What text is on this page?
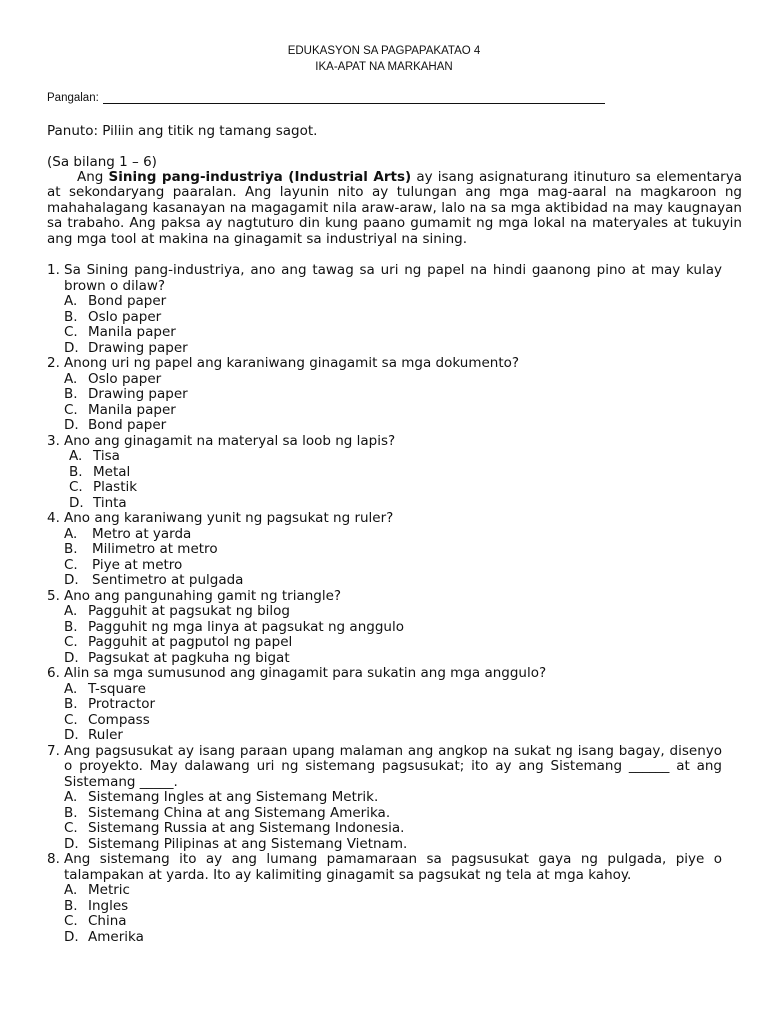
EDUKASYON SA PAGPAPAKATAO 4
IKA-APAT NA MARKAHAN
Pangalan:
Panuto: Piliin ang titik ng tamang sagot.
(Sa bilang 1 – 6)

Ang Sining pang-industriya (Industrial Arts) ay isang asignaturang itinuturo sa elementarya at sekondaryang paaralan. Ang layunin nito ay tulungan ang mga mag-aaral na magkaroon ng mahahalagang kasanayan na magagamit nila araw-araw, lalo na sa mga aktibidad na may kaugnayan sa trabaho. Ang paksa ay nagtuturo din kung paano gumamit ng mga lokal na materyales at tukuyin ang mga tool at makina na ginagamit sa industriyal na sining.

1. Sa Sining pang-industriya, ano ang tawag sa uri ng papel na hindi gaanong pino at may kulay brown o dilaw?
A. Bond paper
B. Oslo paper
C. Manila paper
D. Drawing paper
2. Anong uri ng papel ang karaniwang ginagamit sa mga dokumento?
A. Oslo paper
B. Drawing paper
C. Manila paper
D. Bond paper
3. Ano ang ginagamit na materyal sa loob ng lapis?
A. Tisa
B. Metal
C. Plastik
D. Tinta
4. Ano ang karaniwang yunit ng pagsukat ng ruler?
A. Metro at yarda
B. Milimetro at metro
C. Piye at metro
D. Sentimetro at pulgada
5. Ano ang pangunahing gamit ng triangle?
A. Pagguhit at pagsukat ng bilog
B. Pagguhit ng mga linya at pagsukat ng anggulo
C. Pagguhit at pagputol ng papel
D. Pagsukat at pagkuha ng bigat
6. Alin sa mga sumusunod ang ginagamit para sukatin ang mga anggulo?
A. T-square
B. Protractor
C. Compass
D. Ruler
7. Ang pagsusukat ay isang paraan upang malaman ang angkop na sukat ng isang bagay, disenyo o proyekto. May dalawang uri ng sistemang pagsusukat; ito ay ang Sistemang ______ at ang Sistemang _____.
A. Sistemang Ingles at ang Sistemang Metrik.
B. Sistemang China at ang Sistemang Amerika.
C. Sistemang Russia at ang Sistemang Indonesia.
D. Sistemang Pilipinas at ang Sistemang Vietnam.
8. Ang sistemang ito ay ang lumang pamamaraan sa pagsusukat gaya ng pulgada, piye o talampakan at yarda. Ito ay kalimiting ginagamit sa pagsukat ng tela at mga kahoy.
A. Metric
B. Ingles
C. China
D. Amerika
